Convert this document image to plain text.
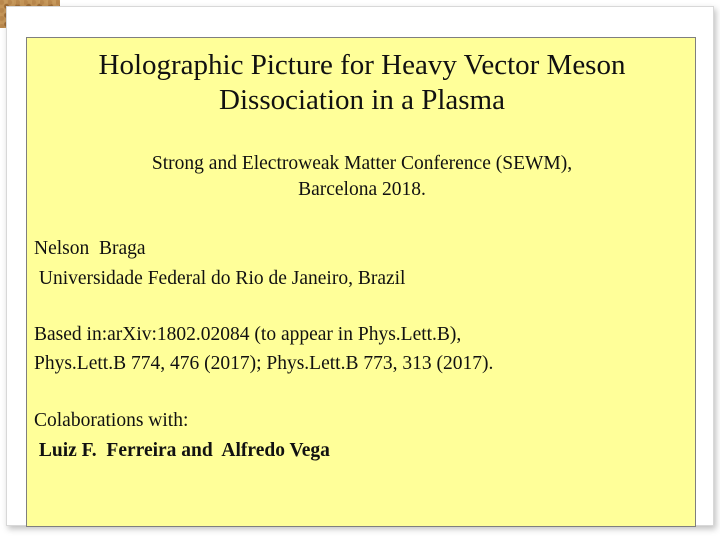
Holographic Picture for Heavy Vector Meson
Dissociation in a Plasma
Strong and Electroweak Matter Conference (SEWM),
Barcelona 2018.
Nelson  Braga
Universidade Federal do Rio de Janeiro, Brazil
Based in:arXiv:1802.02084 (to appear in Phys.Lett.B),
Phys.Lett.B 774, 476 (2017); Phys.Lett.B 773, 313 (2017).
Colaborations with:
Luiz F.  Ferreira and  Alfredo Vega
